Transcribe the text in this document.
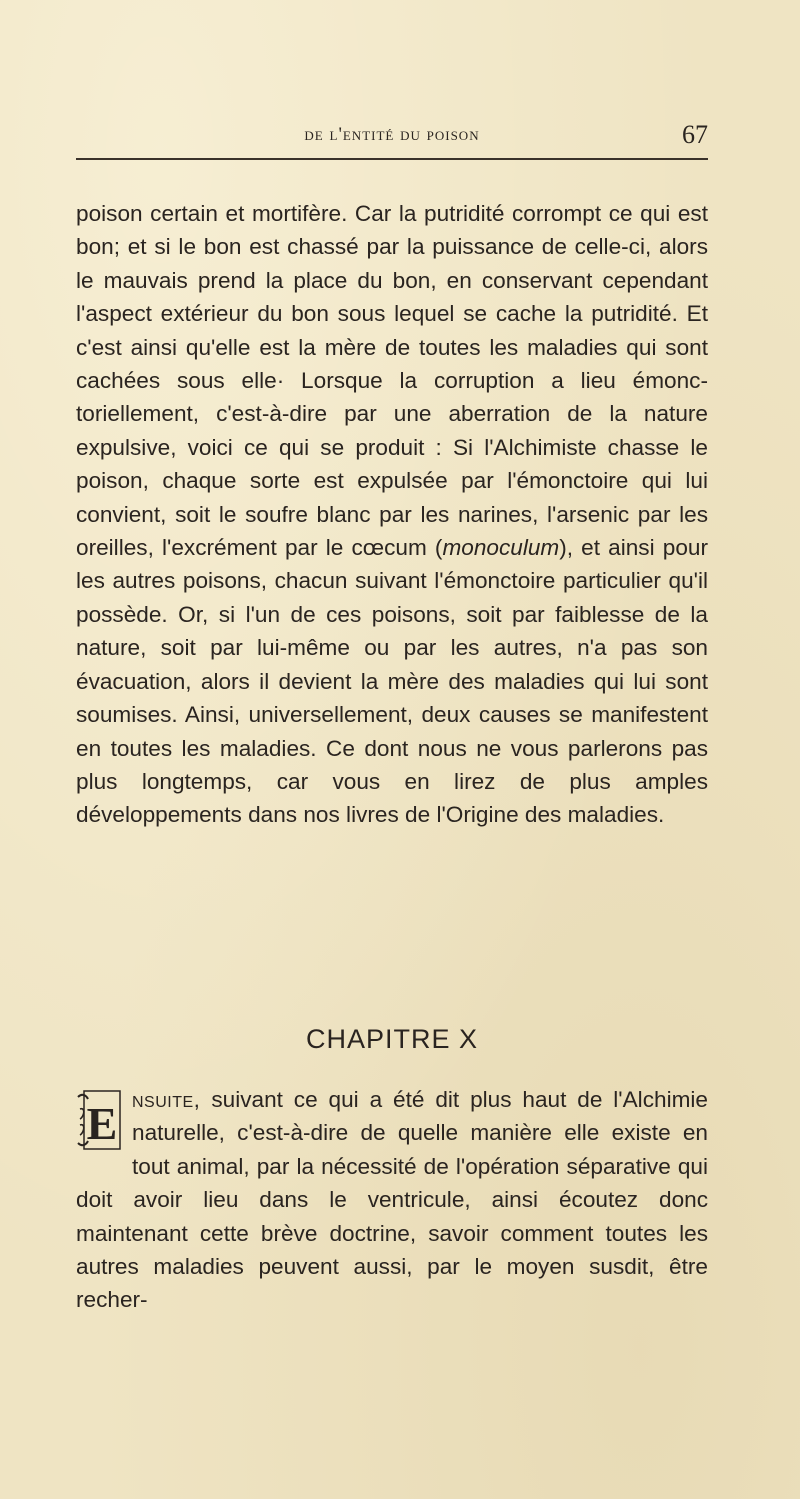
de l'entité du poison	67
poison certain et mortifère. Car la putridité corrompt ce qui est bon; et si le bon est chassé par la puissance de celle-ci, alors le mauvais prend la place du bon, en conservant cependant l'aspect extérieur du bon sous lequel se cache la putridité. Et c'est ainsi qu'elle est la mère de toutes les maladies qui sont cachées sous elle· Lorsque la corruption a lieu émonctoriellement, c'est-à-dire par une aberration de la nature expulsive, voici ce qui se produit : Si l'Alchimiste chasse le poison, chaque sorte est expulsée par l'émonctoire qui lui convient, soit le soufre blanc par les narines, l'arsenic par les oreilles, l'excrément par le cœcum (monoculum), et ainsi pour les autres poisons, chacun suivant l'émonctoire particulier qu'il possède. Or, si l'un de ces poisons, soit par faiblesse de la nature, soit par lui-même ou par les autres, n'a pas son évacuation, alors il devient la mère des maladies qui lui sont soumises. Ainsi, universellement, deux causes se manifestent en toutes les maladies. Ce dont nous ne vous parlerons pas plus longtemps, car vous en lirez de plus amples développements dans nos livres de l'Origine des maladies.
CHAPITRE X
E nsuite, suivant ce qui a été dit plus haut de l'Alchimie naturelle, c'est-à-dire de quelle manière elle existe en tout animal, par la nécessité de l'opération séparative qui doit avoir lieu dans le ventricule, ainsi écoutez donc maintenant cette brève doctrine, savoir comment toutes les autres maladies peuvent aussi, par le moyen susdit, être recher-
